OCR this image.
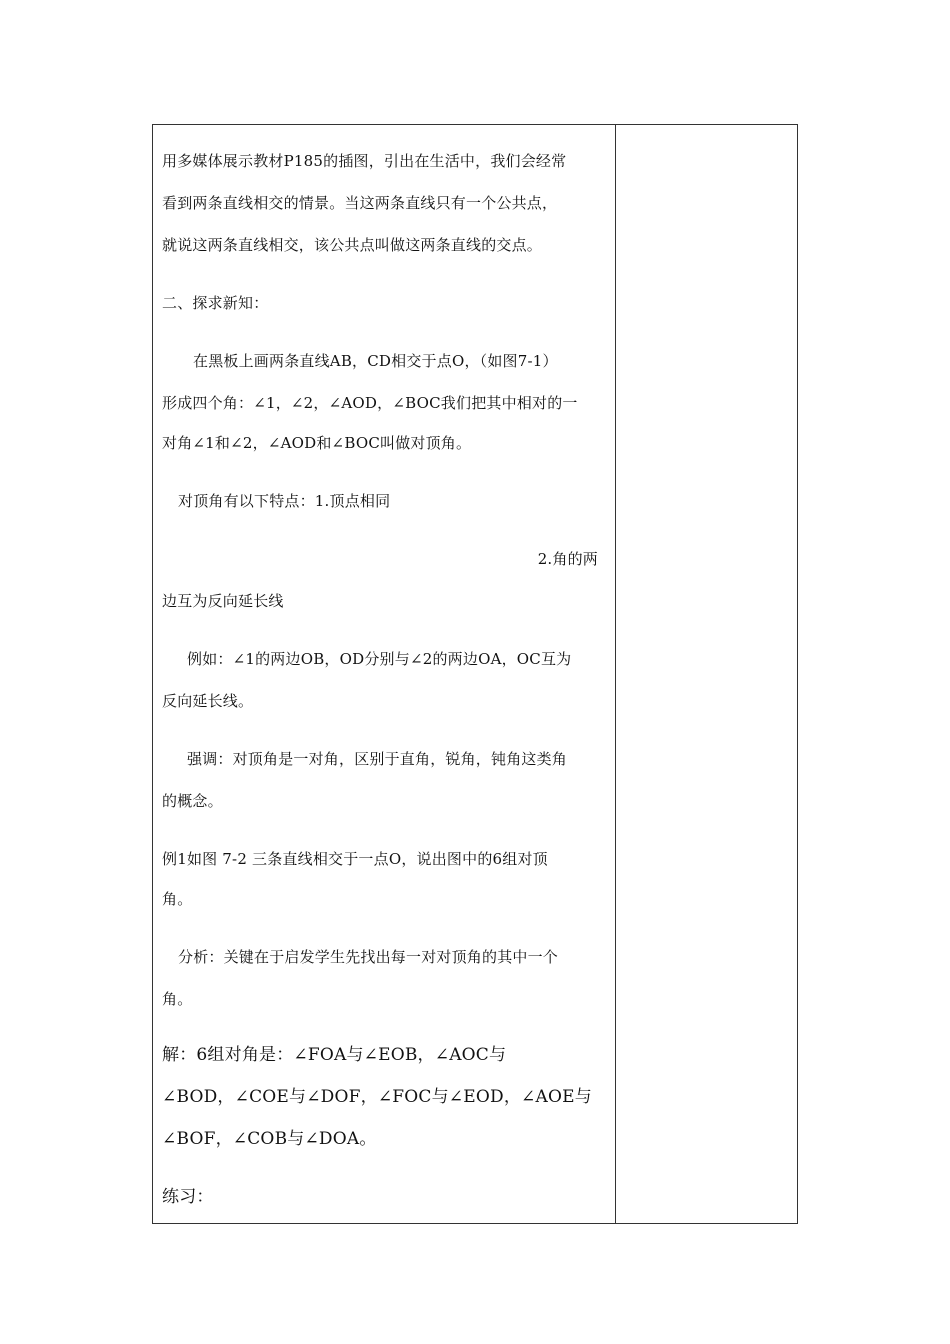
用多媒体展示教材P185的插图，引出在生活中，我们会经常
看到两条直线相交的情景。当这两条直线只有一个公共点，
就说这两条直线相交，该公共点叫做这两条直线的交点。
二、探求新知：
在黑板上画两条直线AB，CD相交于点O，（如图7-1）
形成四个角：∠1，∠2，∠AOD，∠BOC我们把其中相对的一
对角∠1和∠2，∠AOD和∠BOC叫做对顶角。
对顶角有以下特点：1.顶点相同
2.角的两
边互为反向延长线
例如：∠1的两边OB，OD分别与∠2的两边OA，OC互为
反向延长线。
强调：对顶角是一对角，区别于直角，锐角，钝角这类角
的概念。
例1如图 7-2 三条直线相交于一点O，说出图中的6组对顶
角。
分析：关键在于启发学生先找出每一对对顶角的其中一个
角。
解：6组对角是：∠FOA与∠EOB，∠AOC与
∠BOD，∠COE与∠DOF，∠FOC与∠EOD，∠AOE与
∠BOF，∠COB与∠DOA。
练习：
